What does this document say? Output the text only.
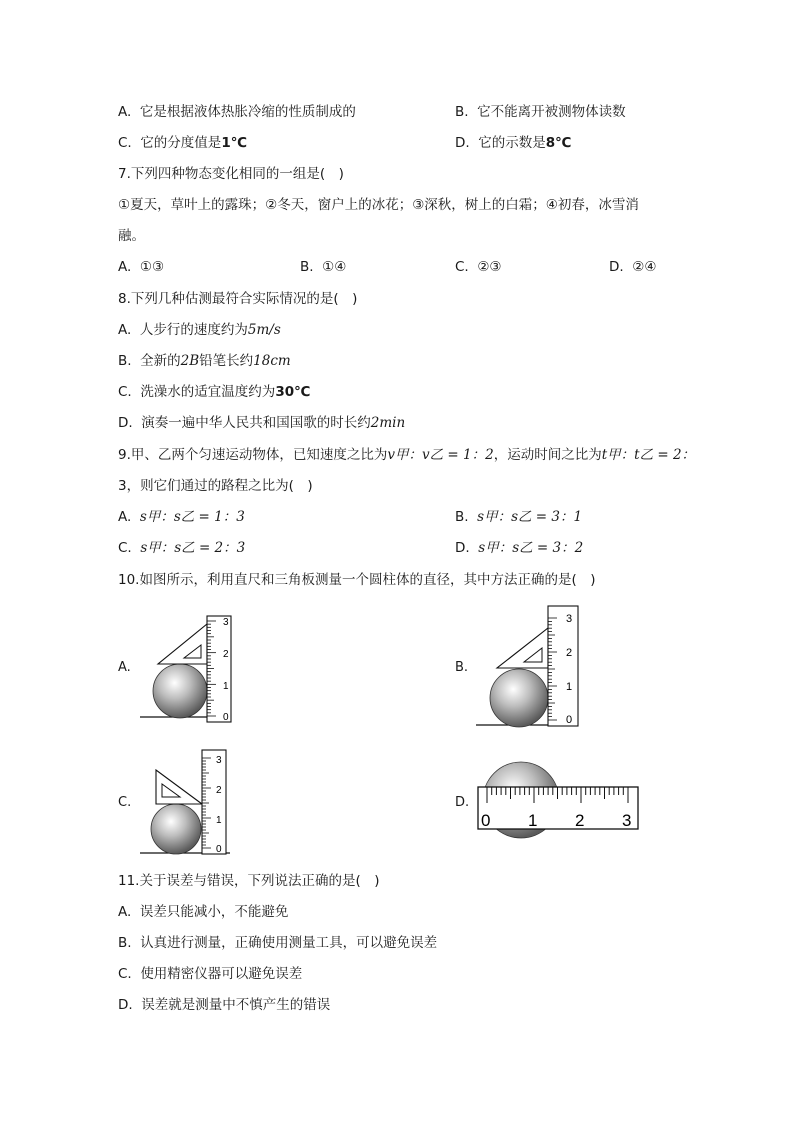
A. 它是根据液体热胀冷缩的性质制成的	B. 它不能离开被测物体读数
C. 它的分度值是1℃	D. 它的示数是8℃
7.下列四种物态变化相同的一组是(　)
①夏天，草叶上的露珠；②冬天，窗户上的冰花；③深秋，树上的白霜；④初春，冰雪消
融。
A. ①③	B. ①④	C. ②③	D. ②④
8.下列几种估测最符合实际情况的是(　)
A. 人步行的速度约为5m/s
B. 全新的2B铅笔长约18cm
C. 洗澡水的适宜温度约为30℃
D. 演奏一遍中华人民共和国国歌的时长约2min
9.甲、乙两个匀速运动物体，已知速度之比为v甲：v乙 = 1：2，运动时间之比为t甲：t乙 = 2：
3，则它们通过的路程之比为(　)
A. s甲：s乙 = 1：3	B. s甲：s乙 = 3：1
C. s甲：s乙 = 2：3	D. s甲：s乙 = 3：2
10.如图所示，利用直尺和三角板测量一个圆柱体的直径，其中方法正确的是(　)
A.	B.
C.	D.
3
2
1
0
3
2
1
0
3
2
1
0
0 1 2 3
11.关于误差与错误，下列说法正确的是(　)
A. 误差只能减小，不能避免
B. 认真进行测量，正确使用测量工具，可以避免误差
C. 使用精密仪器可以避免误差
D. 误差就是测量中不慎产生的错误
